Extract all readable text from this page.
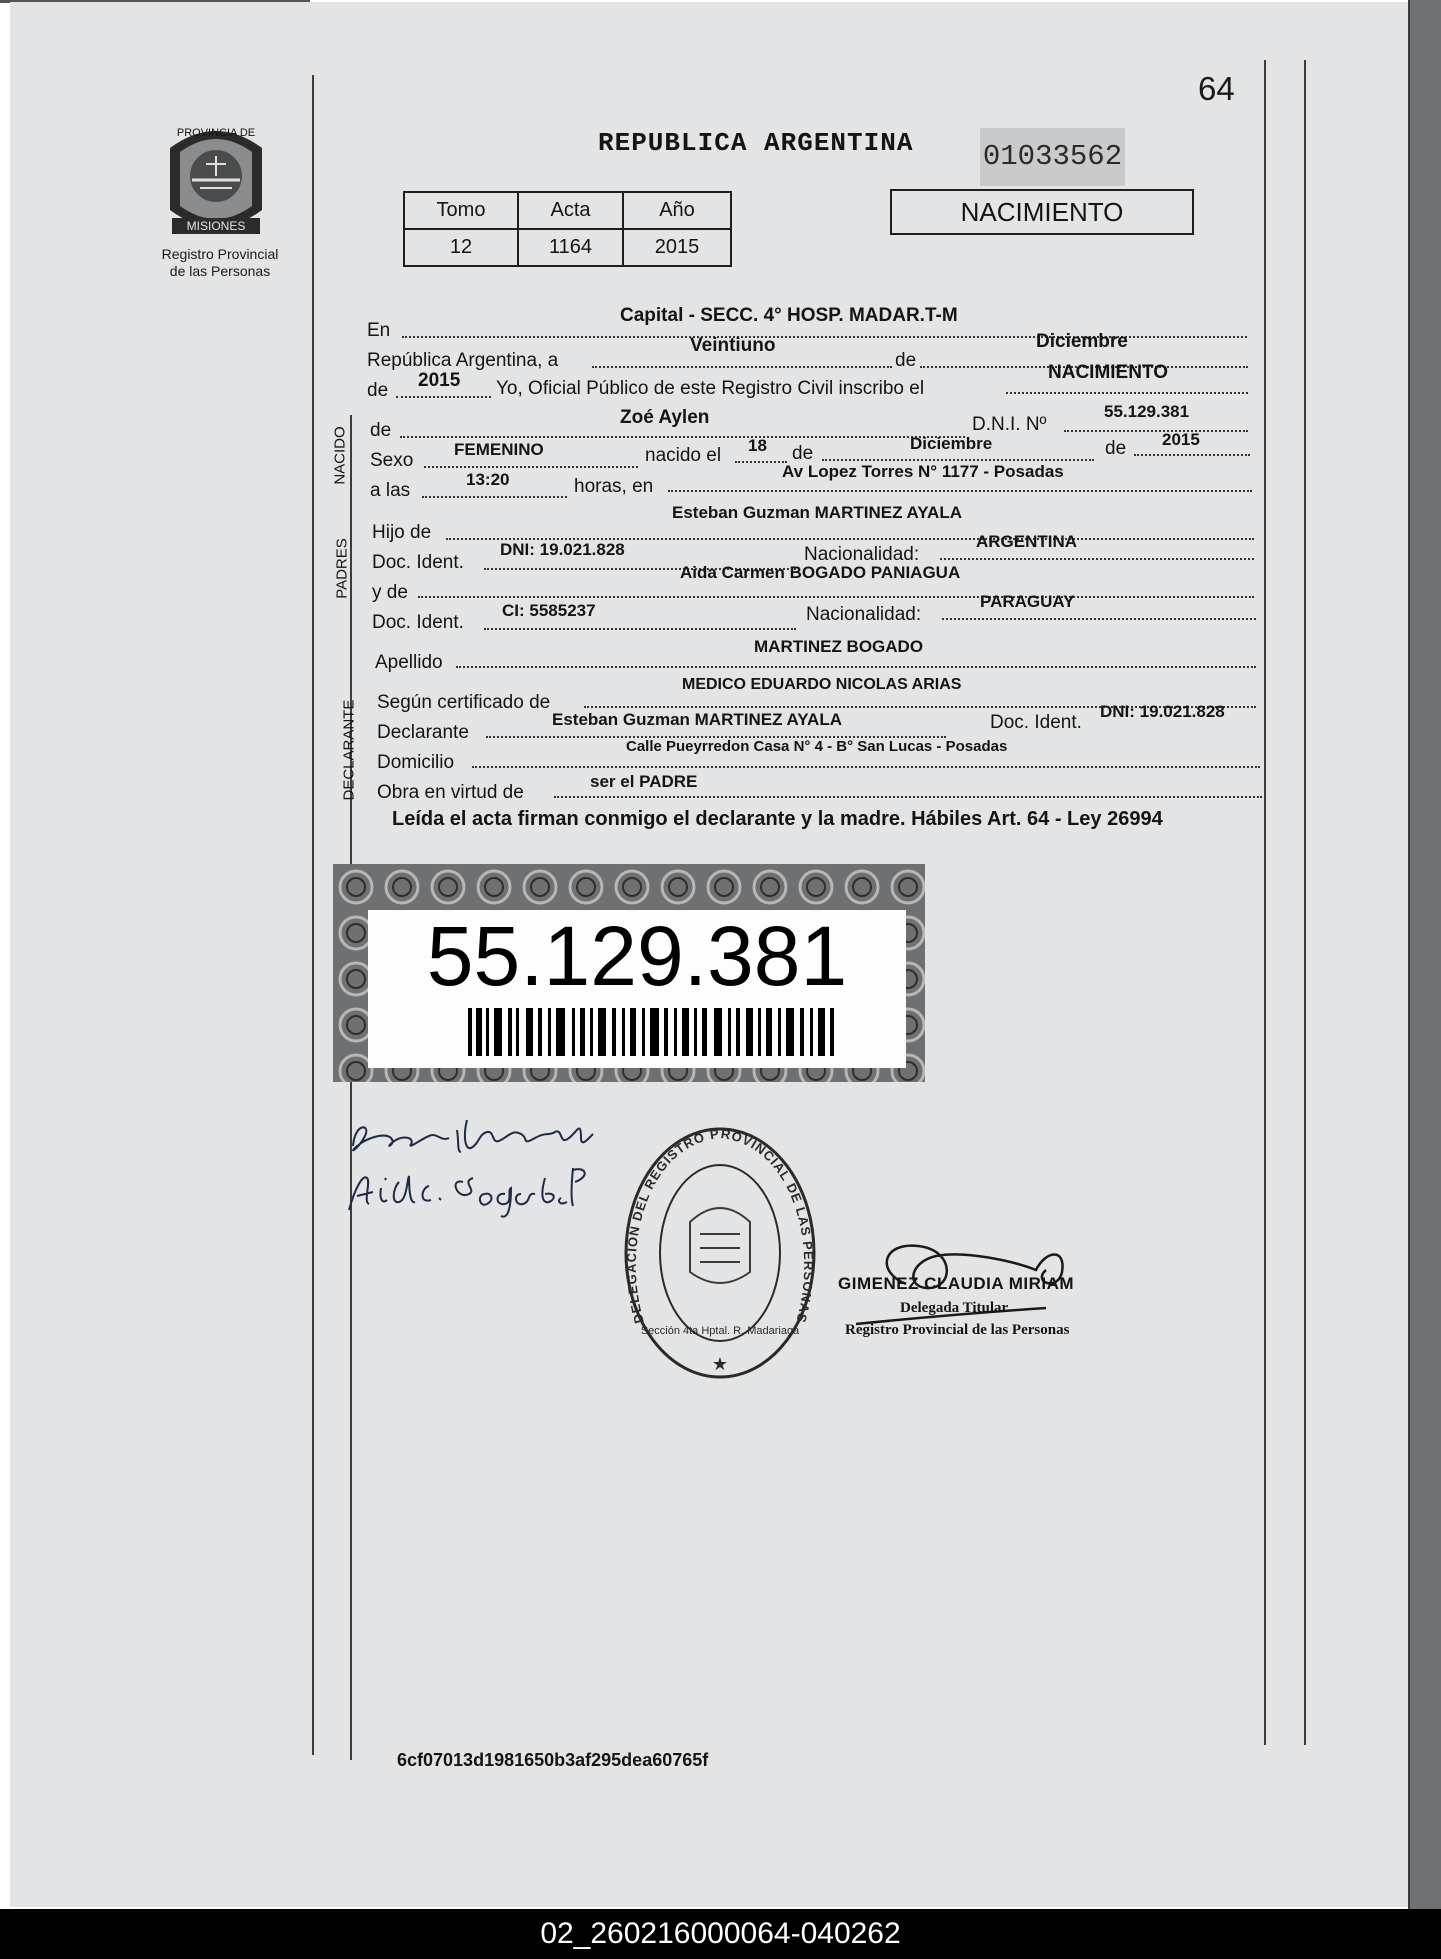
64
PROVINCIA DE
MISIONES
Registro Provincial
de las Personas
REPUBLICA ARGENTINA 01033562
Tomo	Acta	Año
12	1164	2015
NACIMIENTO
En
Capital - SECC. 4° HOSP. MADAR.T-M
República Argentina, a
Veintiuno
de
Diciembre
de 2015 Yo, Oficial Público de este Registro Civil inscribo el
NACIMIENTO
NACIDO de
Zoé Aylen	D.N.I. Nº
55.129.381
Sexo
FEMENINO	nacido el 18 de	Diciembre	de 2015
a las
13:20	horas, en
Av Lopez Torres N° 1177 - Posadas
PADRES
Hijo de
Esteban Guzman MARTINEZ AYALA
Doc. Ident.
DNI: 19.021.828	Nacionalidad:
ARGENTINA
y de
Aida Carmen BOGADO PANIAGUA
Doc. Ident.
CI: 5585237	Nacionalidad:
PARAGUAY
Apellido
MARTINEZ BOGADO
DECLARANTE Según certificado de
MEDICO EDUARDO NICOLAS ARIAS
Declarante
Esteban Guzman MARTINEZ AYALA	Doc. Ident.
DNI: 19.021.828
Domicilio
Calle Pueyrredon Casa N° 4 - B° San Lucas - Posadas
Obra en virtud de
ser el PADRE
Leída el acta firman conmigo el declarante y la madre. Hábiles Art. 64 - Ley 26994
55.129.381
DELEGACION DEL REGISTRO PROVINCIAL DE LAS PERSONAS
Sección 4ta Hptal. R. Madariaga
★
GIMENEZ CLAUDIA MIRIAM
Delegada Titular
Registro Provincial de las Personas
6cf07013d1981650b3af295dea60765f
02_260216000064-040262
